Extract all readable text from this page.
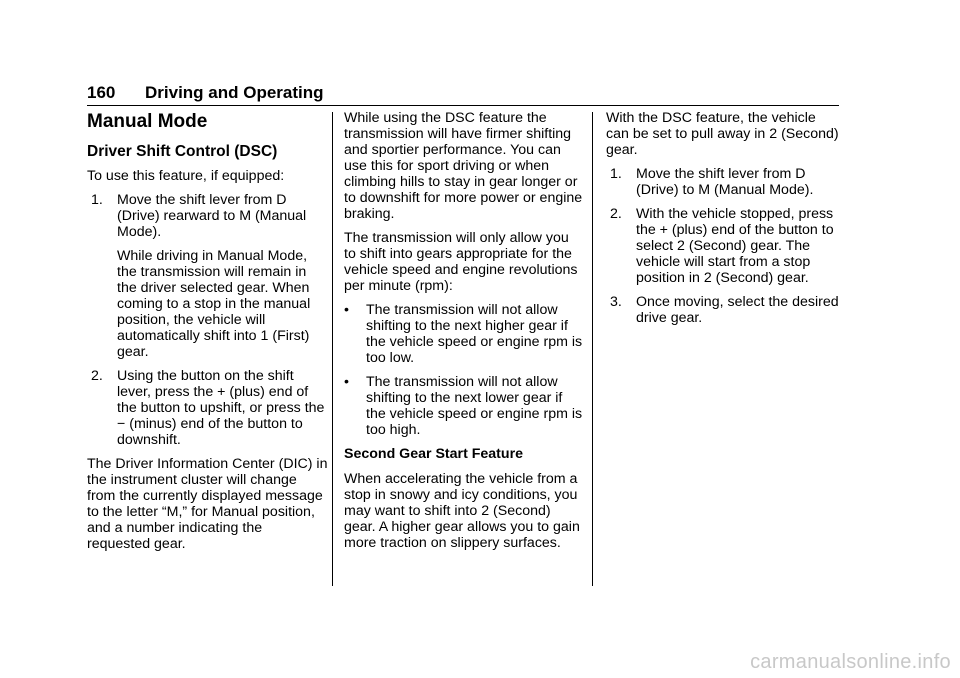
160 Driving and Operating
Manual Mode
Driver Shift Control (DSC)

To use this feature, if equipped:

1. Move the shift lever from D (Drive) rearward to M (Manual Mode).

While driving in Manual Mode, the transmission will remain in the driver selected gear. When coming to a stop in the manual position, the vehicle will automatically shift into 1 (First) gear.

2. Using the button on the shift lever, press the + (plus) end of the button to upshift, or press the − (minus) end of the button to downshift.

The Driver Information Center (DIC) in the instrument cluster will change from the currently displayed message to the letter “M,” for Manual position, and a number indicating the requested gear.

While using the DSC feature the transmission will have firmer shifting and sportier performance. You can use this for sport driving or when climbing hills to stay in gear longer or to downshift for more power or engine braking.

The transmission will only allow you to shift into gears appropriate for the vehicle speed and engine revolutions per minute (rpm):

• The transmission will not allow shifting to the next higher gear if the vehicle speed or engine rpm is too low.
• The transmission will not allow shifting to the next lower gear if the vehicle speed or engine rpm is too high.
Second Gear Start Feature

When accelerating the vehicle from a stop in snowy and icy conditions, you may want to shift into 2 (Second) gear. A higher gear allows you to gain more traction on slippery surfaces.

With the DSC feature, the vehicle can be set to pull away in 2 (Second) gear.

1. Move the shift lever from D (Drive) to M (Manual Mode).

2. With the vehicle stopped, press the + (plus) end of the button to select 2 (Second) gear. The vehicle will start from a stop position in 2 (Second) gear.

3. Once moving, select the desired drive gear.

carmanualsonline.info
